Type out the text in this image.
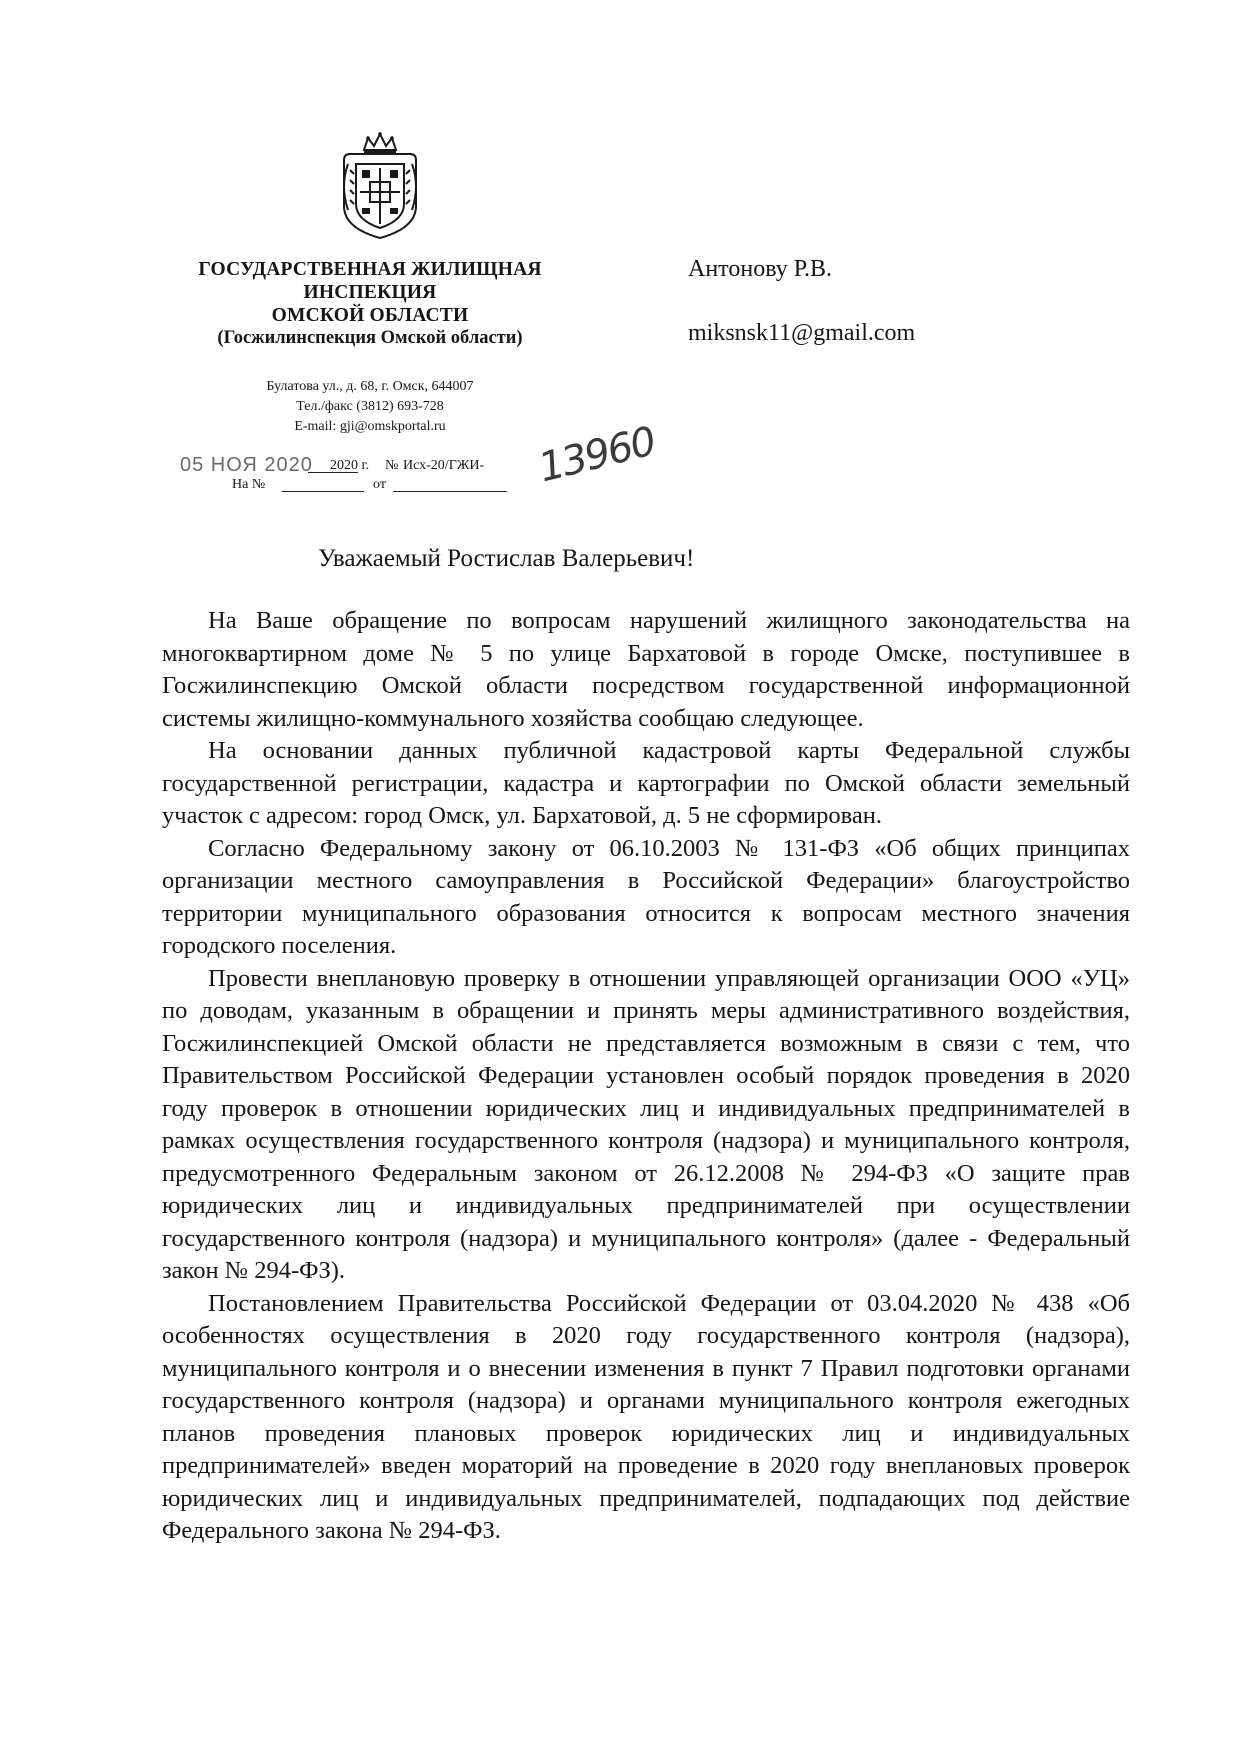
ГОСУДАРСТВЕННАЯ ЖИЛИЩНАЯ
ИНСПЕКЦИЯ
ОМСКОЙ ОБЛАСТИ
(Госжилинспекция Омской области)
Булатова ул., д. 68, г. Омск, 644007
Тел./факс (3812) 693-728
E-mail: gji@omskportal.ru
05 НОЯ 2020 2020 г. № Исх-20/ГЖИ-
На №	от	13960
Антонову Р.В.
miksnsk11@gmail.com
Уважаемый Ростислав Валерьевич!

На Ваше обращение по вопросам нарушений жилищного законодательства на многоквартирном доме № 5 по улице Бархатовой в городе Омске, поступившее в Госжилинспекцию Омской области посредством государственной информационной системы жилищно-коммунального хозяйства сообщаю следующее.

На основании данных публичной кадастровой карты Федеральной службы государственной регистрации, кадастра и картографии по Омской области земельный участок с адресом: город Омск, ул. Бархатовой, д. 5 не сформирован.

Согласно Федеральному закону от 06.10.2003 № 131-ФЗ «Об общих принципах организации местного самоуправления в Российской Федерации» благоустройство территории муниципального образования относится к вопросам местного значения городского поселения.

Провести внеплановую проверку в отношении управляющей организации ООО «УЦ» по доводам, указанным в обращении и принять меры административного воздействия, Госжилинспекцией Омской области не представляется возможным в связи с тем, что Правительством Российской Федерации установлен особый порядок проведения в 2020 году проверок в отношении юридических лиц и индивидуальных предпринимателей в рамках осуществления государственного контроля (надзора) и муниципального контроля, предусмотренного Федеральным законом от 26.12.2008 № 294-ФЗ «О защите прав юридических лиц и индивидуальных предпринимателей при осуществлении государственного контроля (надзора) и муниципального контроля» (далее - Федеральный закон № 294-ФЗ).

Постановлением Правительства Российской Федерации от 03.04.2020 № 438 «Об особенностях осуществления в 2020 году государственного контроля (надзора), муниципального контроля и о внесении изменения в пункт 7 Правил подготовки органами государственного контроля (надзора) и органами муниципального контроля ежегодных планов проведения плановых проверок юридических лиц и индивидуальных предпринимателей» введен мораторий на проведение в 2020 году внеплановых проверок юридических лиц и индивидуальных предпринимателей, подпадающих под действие Федерального закона № 294-ФЗ.
